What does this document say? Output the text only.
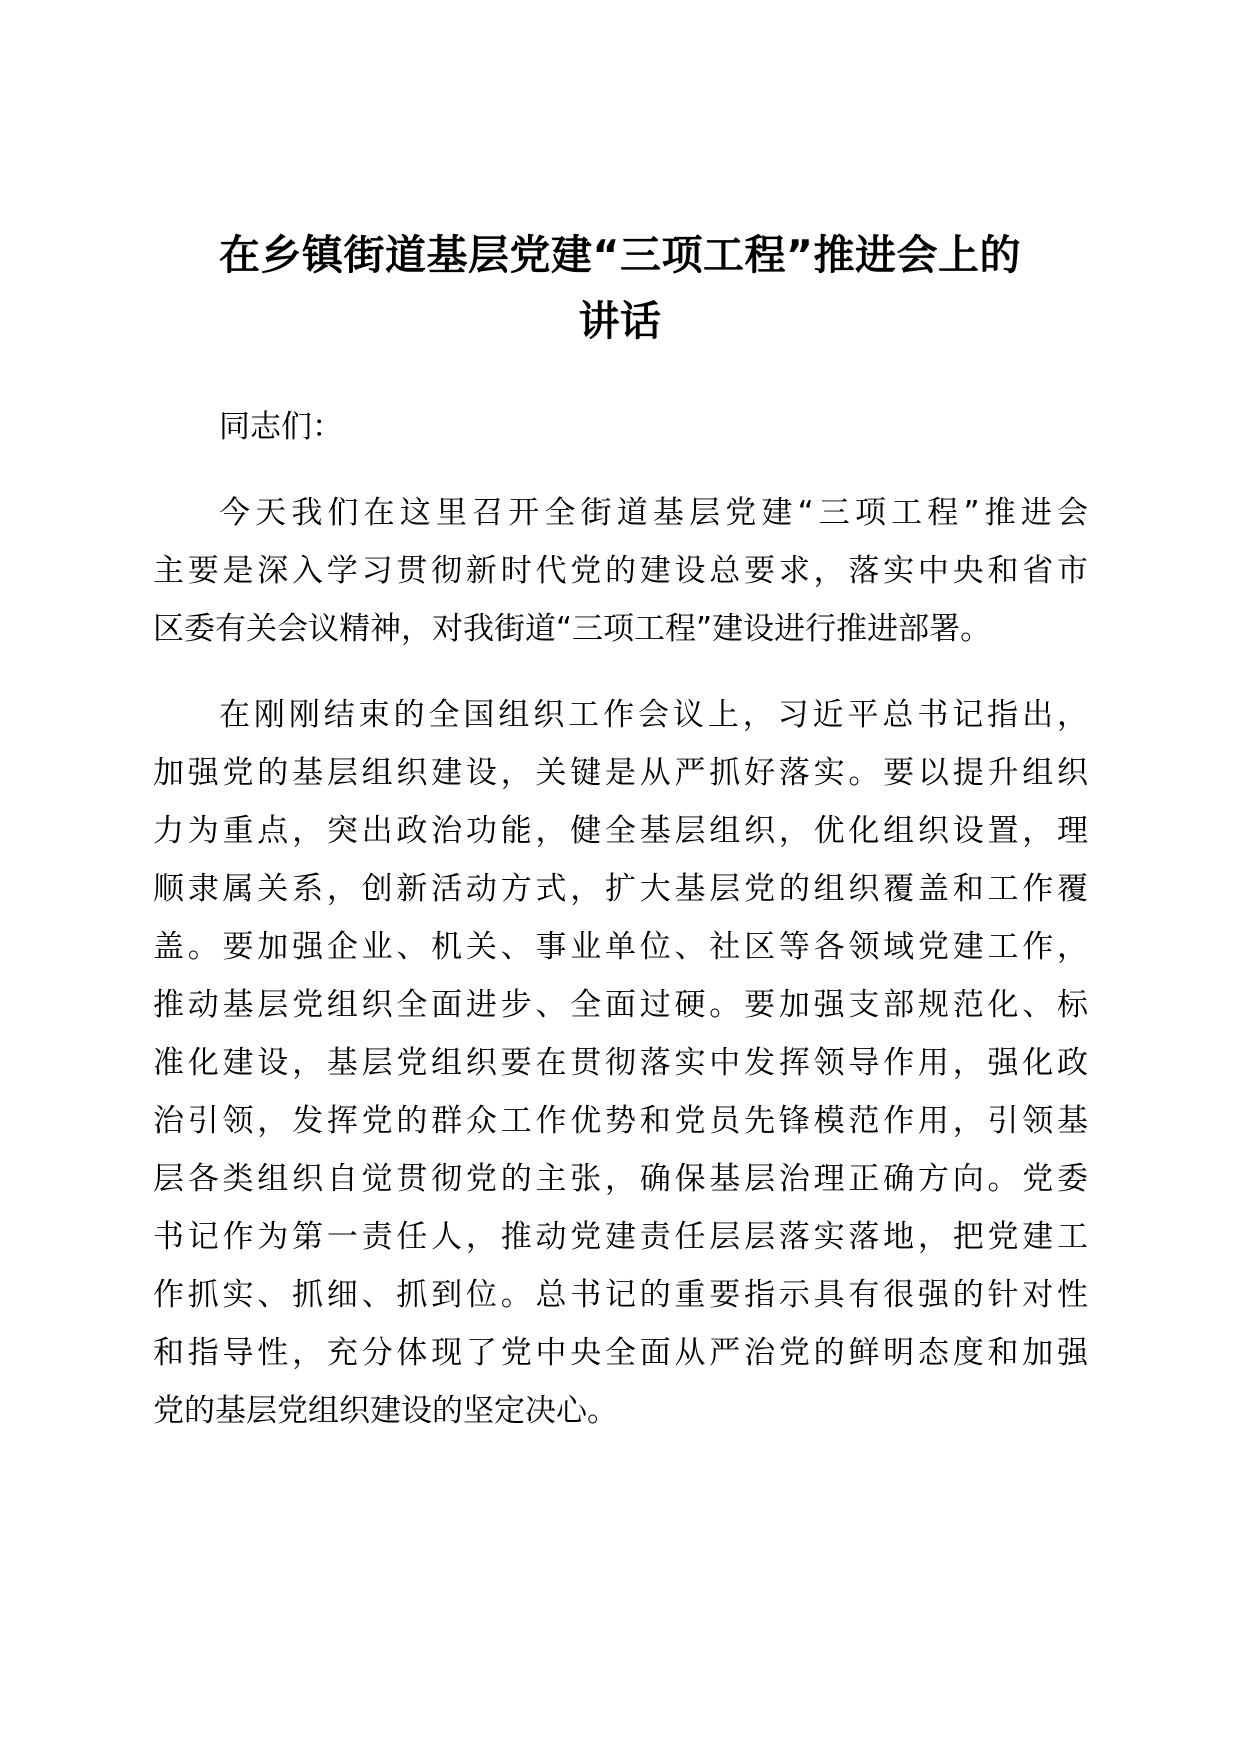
在乡镇街道基层党建“三项工程”推进会上的
讲话
同志们：
今天我们在这里召开全街道基层党建“三项工程”推进会
主要是深入学习贯彻新时代党的建设总要求，落实中央和省市
区委有关会议精神，对我街道“三项工程”建设进行推进部署。
在刚刚结束的全国组织工作会议上，习近平总书记指出，
加强党的基层组织建设，关键是从严抓好落实。要以提升组织
力为重点，突出政治功能，健全基层组织，优化组织设置，理
顺隶属关系，创新活动方式，扩大基层党的组织覆盖和工作覆
盖。要加强企业、机关、事业单位、社区等各领域党建工作，
推动基层党组织全面进步、全面过硬。要加强支部规范化、标
准化建设，基层党组织要在贯彻落实中发挥领导作用，强化政
治引领，发挥党的群众工作优势和党员先锋模范作用，引领基
层各类组织自觉贯彻党的主张，确保基层治理正确方向。党委
书记作为第一责任人，推动党建责任层层落实落地，把党建工
作抓实、抓细、抓到位。总书记的重要指示具有很强的针对性
和指导性，充分体现了党中央全面从严治党的鲜明态度和加强
党的基层党组织建设的坚定决心。
